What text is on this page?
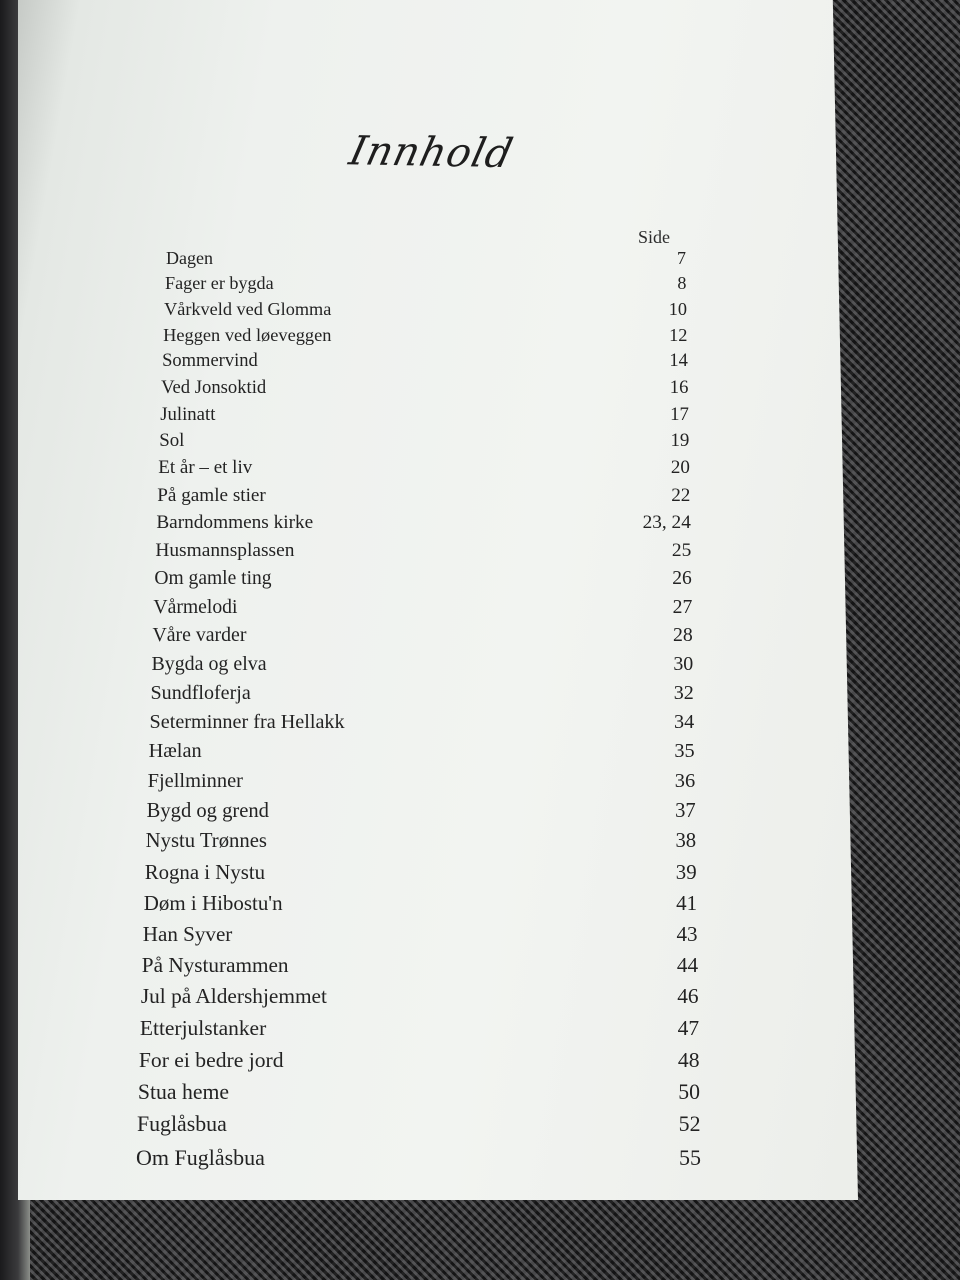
Innhold
Side
Dagen	7
Fager er bygda	8
Vårkveld ved Glomma	10
Heggen ved løeveggen	12
Sommervind	14
Ved Jonsoktid	16
Julinatt	17
Sol	19
Et år – et liv	20
På gamle stier	22
Barndommens kirke	23, 24
Husmannsplassen	25
Om gamle ting	26
Vårmelodi	27
Våre varder	28
Bygda og elva	30
Sundfloferja	32
Seterminner fra Hellakk	34
Hælan	35
Fjellminner	36
Bygd og grend	37
Nystu Trønnes	38
Rogna i Nystu	39
Døm i Hibostu'n	41
Han Syver	43
På Nysturammen	44
Jul på Aldershjemmet	46
Etterjulstanker	47
For ei bedre jord	48
Stua heme	50
Fuglåsbua	52
Om Fuglåsbua	55
